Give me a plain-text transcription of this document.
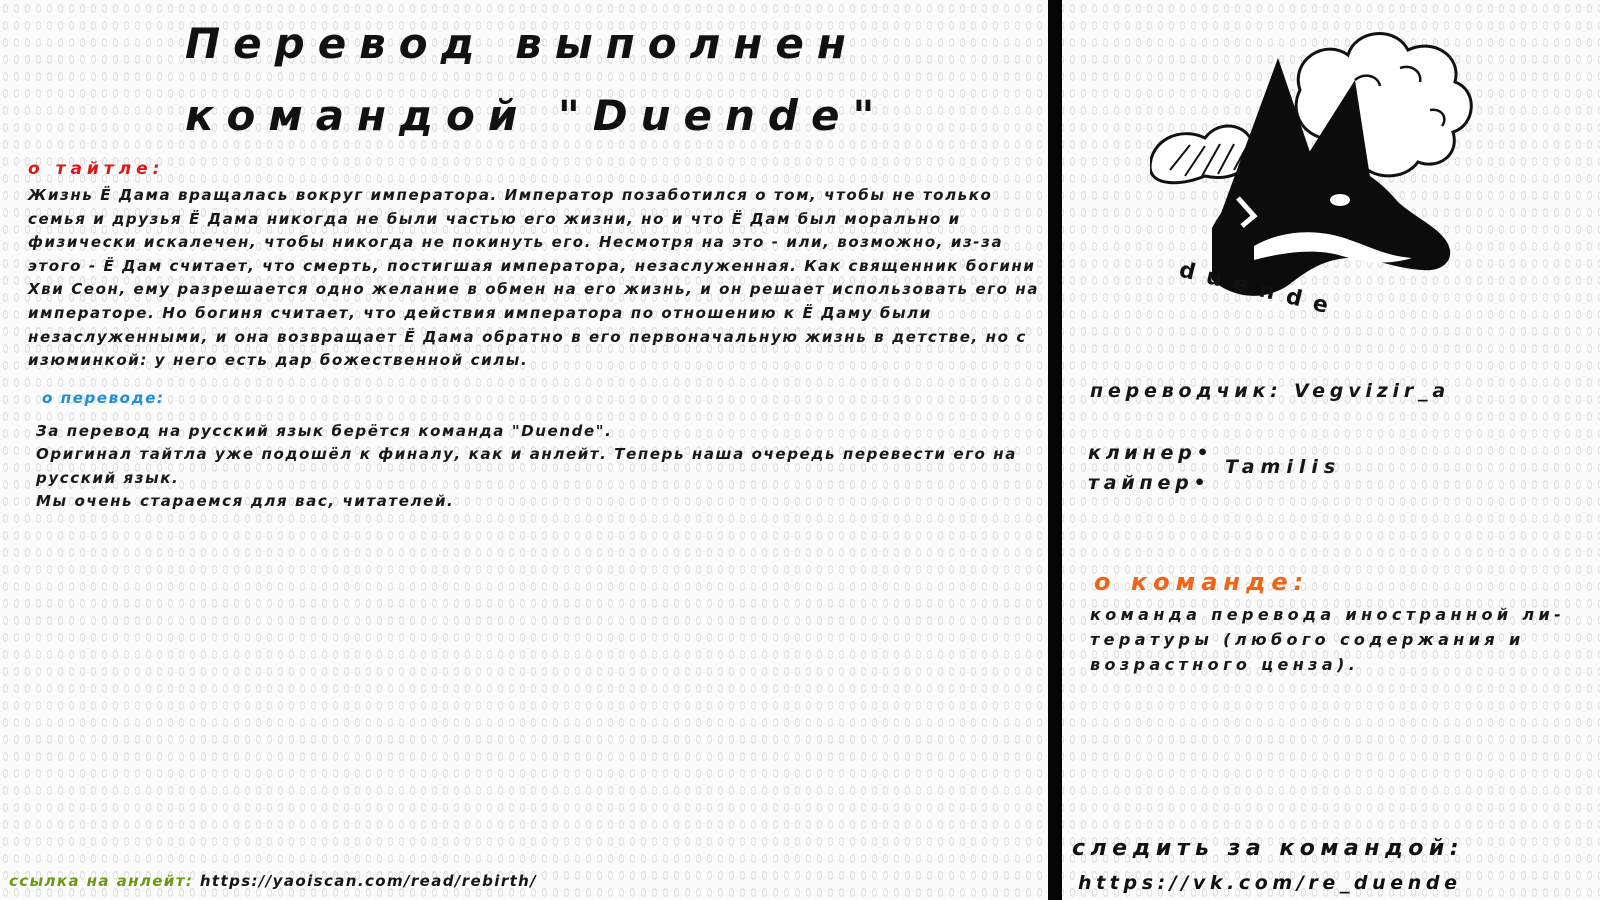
Перевод выполнен
командой "Duende"
о тайтле:
Жизнь Ё Дама вращалась вокруг императора. Император позаботился о том, чтобы не только семья и друзья Ё Дама никогда не были частью его жизни, но и что Ё Дам был морально и физически искалечен, чтобы никогда не покинуть его. Несмотря на это - или, возможно, из-за этого - Ё Дам считает, что смерть, постигшая императора, незаслуженная. Как священник богини Хви Сеон, ему разрешается одно желание в обмен на его жизнь, и он решает использовать его на императоре. Но богиня считает, что действия императора по отношению к Ё Даму были незаслуженными, и она возвращает Ё Дама обратно в его первоначальную жизнь в детстве, но с изюминкой: у него есть дар божественной силы.
о переводе:
За перевод на русский язык берётся команда "Duende".
Оригинал тайтла уже подошёл к финалу, как и анлейт. Теперь наша очередь перевести его на русский язык.
Мы очень стараемся для вас, читателей.
ссылка на анлейт: https://yaoiscan.com/read/rebirth/
duende
переводчик: Vegvizir_a
клинер•
тайпер•
Tamilis
о команде:
команда перевода иностранной ли-тературы (любого содержания и возрастного ценза).
следить за командой:
https://vk.com/re_duende
